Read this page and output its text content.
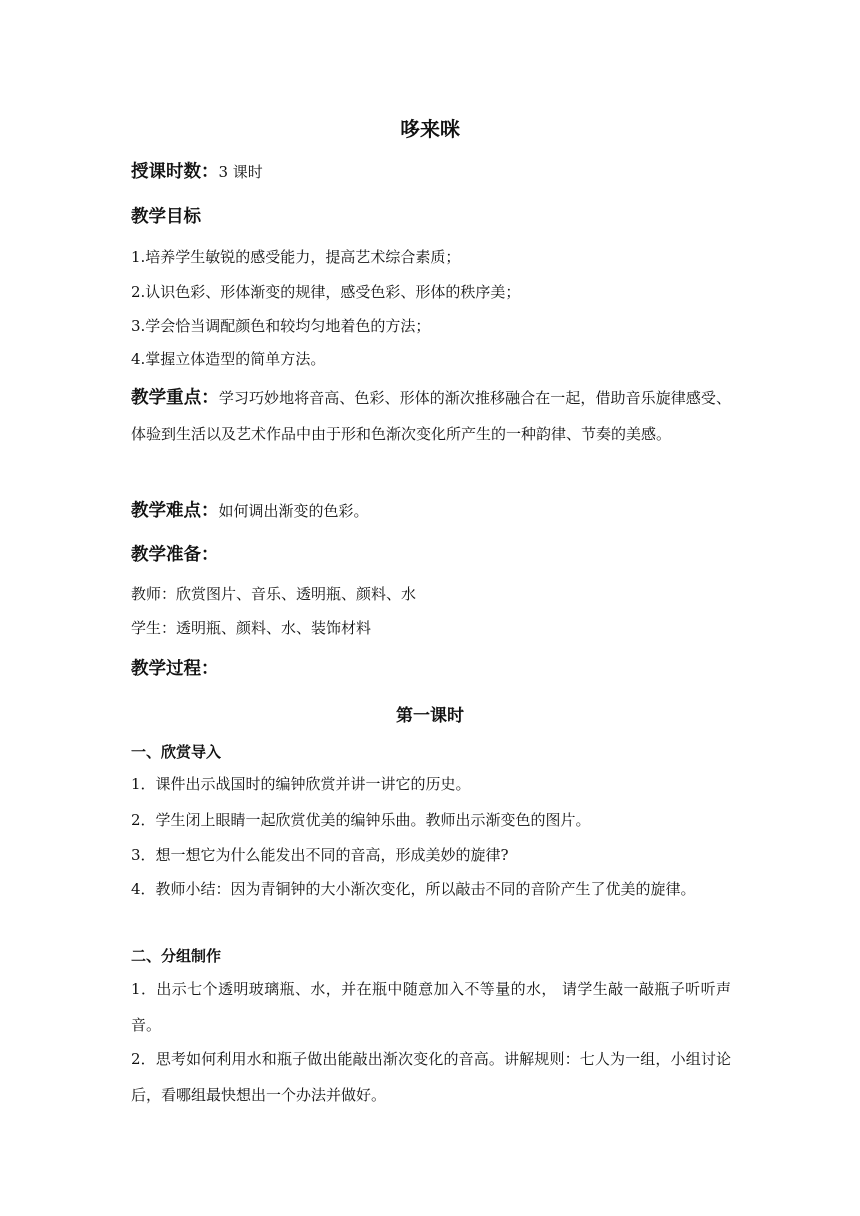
哆来咪
授课时数：3 课时
教学目标
1.培养学生敏锐的感受能力，提高艺术综合素质；
2.认识色彩、形体渐变的规律，感受色彩、形体的秩序美；
3.学会恰当调配颜色和较均匀地着色的方法；
4.掌握立体造型的简单方法。
教学重点：学习巧妙地将音高、色彩、形体的渐次推移融合在一起，借助音乐旋律感受、体验到生活以及艺术作品中由于形和色渐次变化所产生的一种韵律、节奏的美感。
教学难点：如何调出渐变的色彩。
教学准备：
教师：欣赏图片、音乐、透明瓶、颜料、水
学生：透明瓶、颜料、水、装饰材料
教学过程：
第一课时
一、欣赏导入
1．课件出示战国时的编钟欣赏并讲一讲它的历史。
2．学生闭上眼睛一起欣赏优美的编钟乐曲。教师出示渐变色的图片。
3．想一想它为什么能发出不同的音高，形成美妙的旋律?
4．教师小结：因为青铜钟的大小渐次变化，所以敲击不同的音阶产生了优美的旋律。
二、分组制作
1．出示七个透明玻璃瓶、水，并在瓶中随意加入不等量的水， 请学生敲一敲瓶子听听声音。
2．思考如何利用水和瓶子做出能敲出渐次变化的音高。讲解规则：七人为一组，小组讨论后，看哪组最快想出一个办法并做好。
